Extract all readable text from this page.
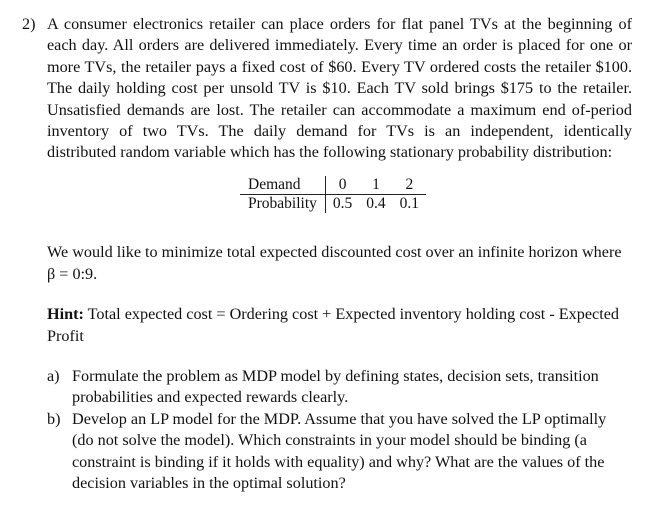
2) A consumer electronics retailer can place orders for flat panel TVs at the beginning of each day. All orders are delivered immediately. Every time an order is placed for one or more TVs, the retailer pays a fixed cost of $60. Every TV ordered costs the retailer $100. The daily holding cost per unsold TV is $10. Each TV sold brings $175 to the retailer. Unsatisfied demands are lost. The retailer can accommodate a maximum end of-period inventory of two TVs. The daily demand for TVs is an independent, identically distributed random variable which has the following stationary probability distribution:
Demand	0	1	2
Probability	0.5	0.4	0.1
We would like to minimize total expected discounted cost over an infinite horizon where
β = 0:9.
Hint: Total expected cost = Ordering cost + Expected inventory holding cost - Expected Profit
a) Formulate the problem as MDP model by defining states, decision sets, transition probabilities and expected rewards clearly.
b) Develop an LP model for the MDP. Assume that you have solved the LP optimally (do not solve the model). Which constraints in your model should be binding (a constraint is binding if it holds with equality) and why? What are the values of the decision variables in the optimal solution?
